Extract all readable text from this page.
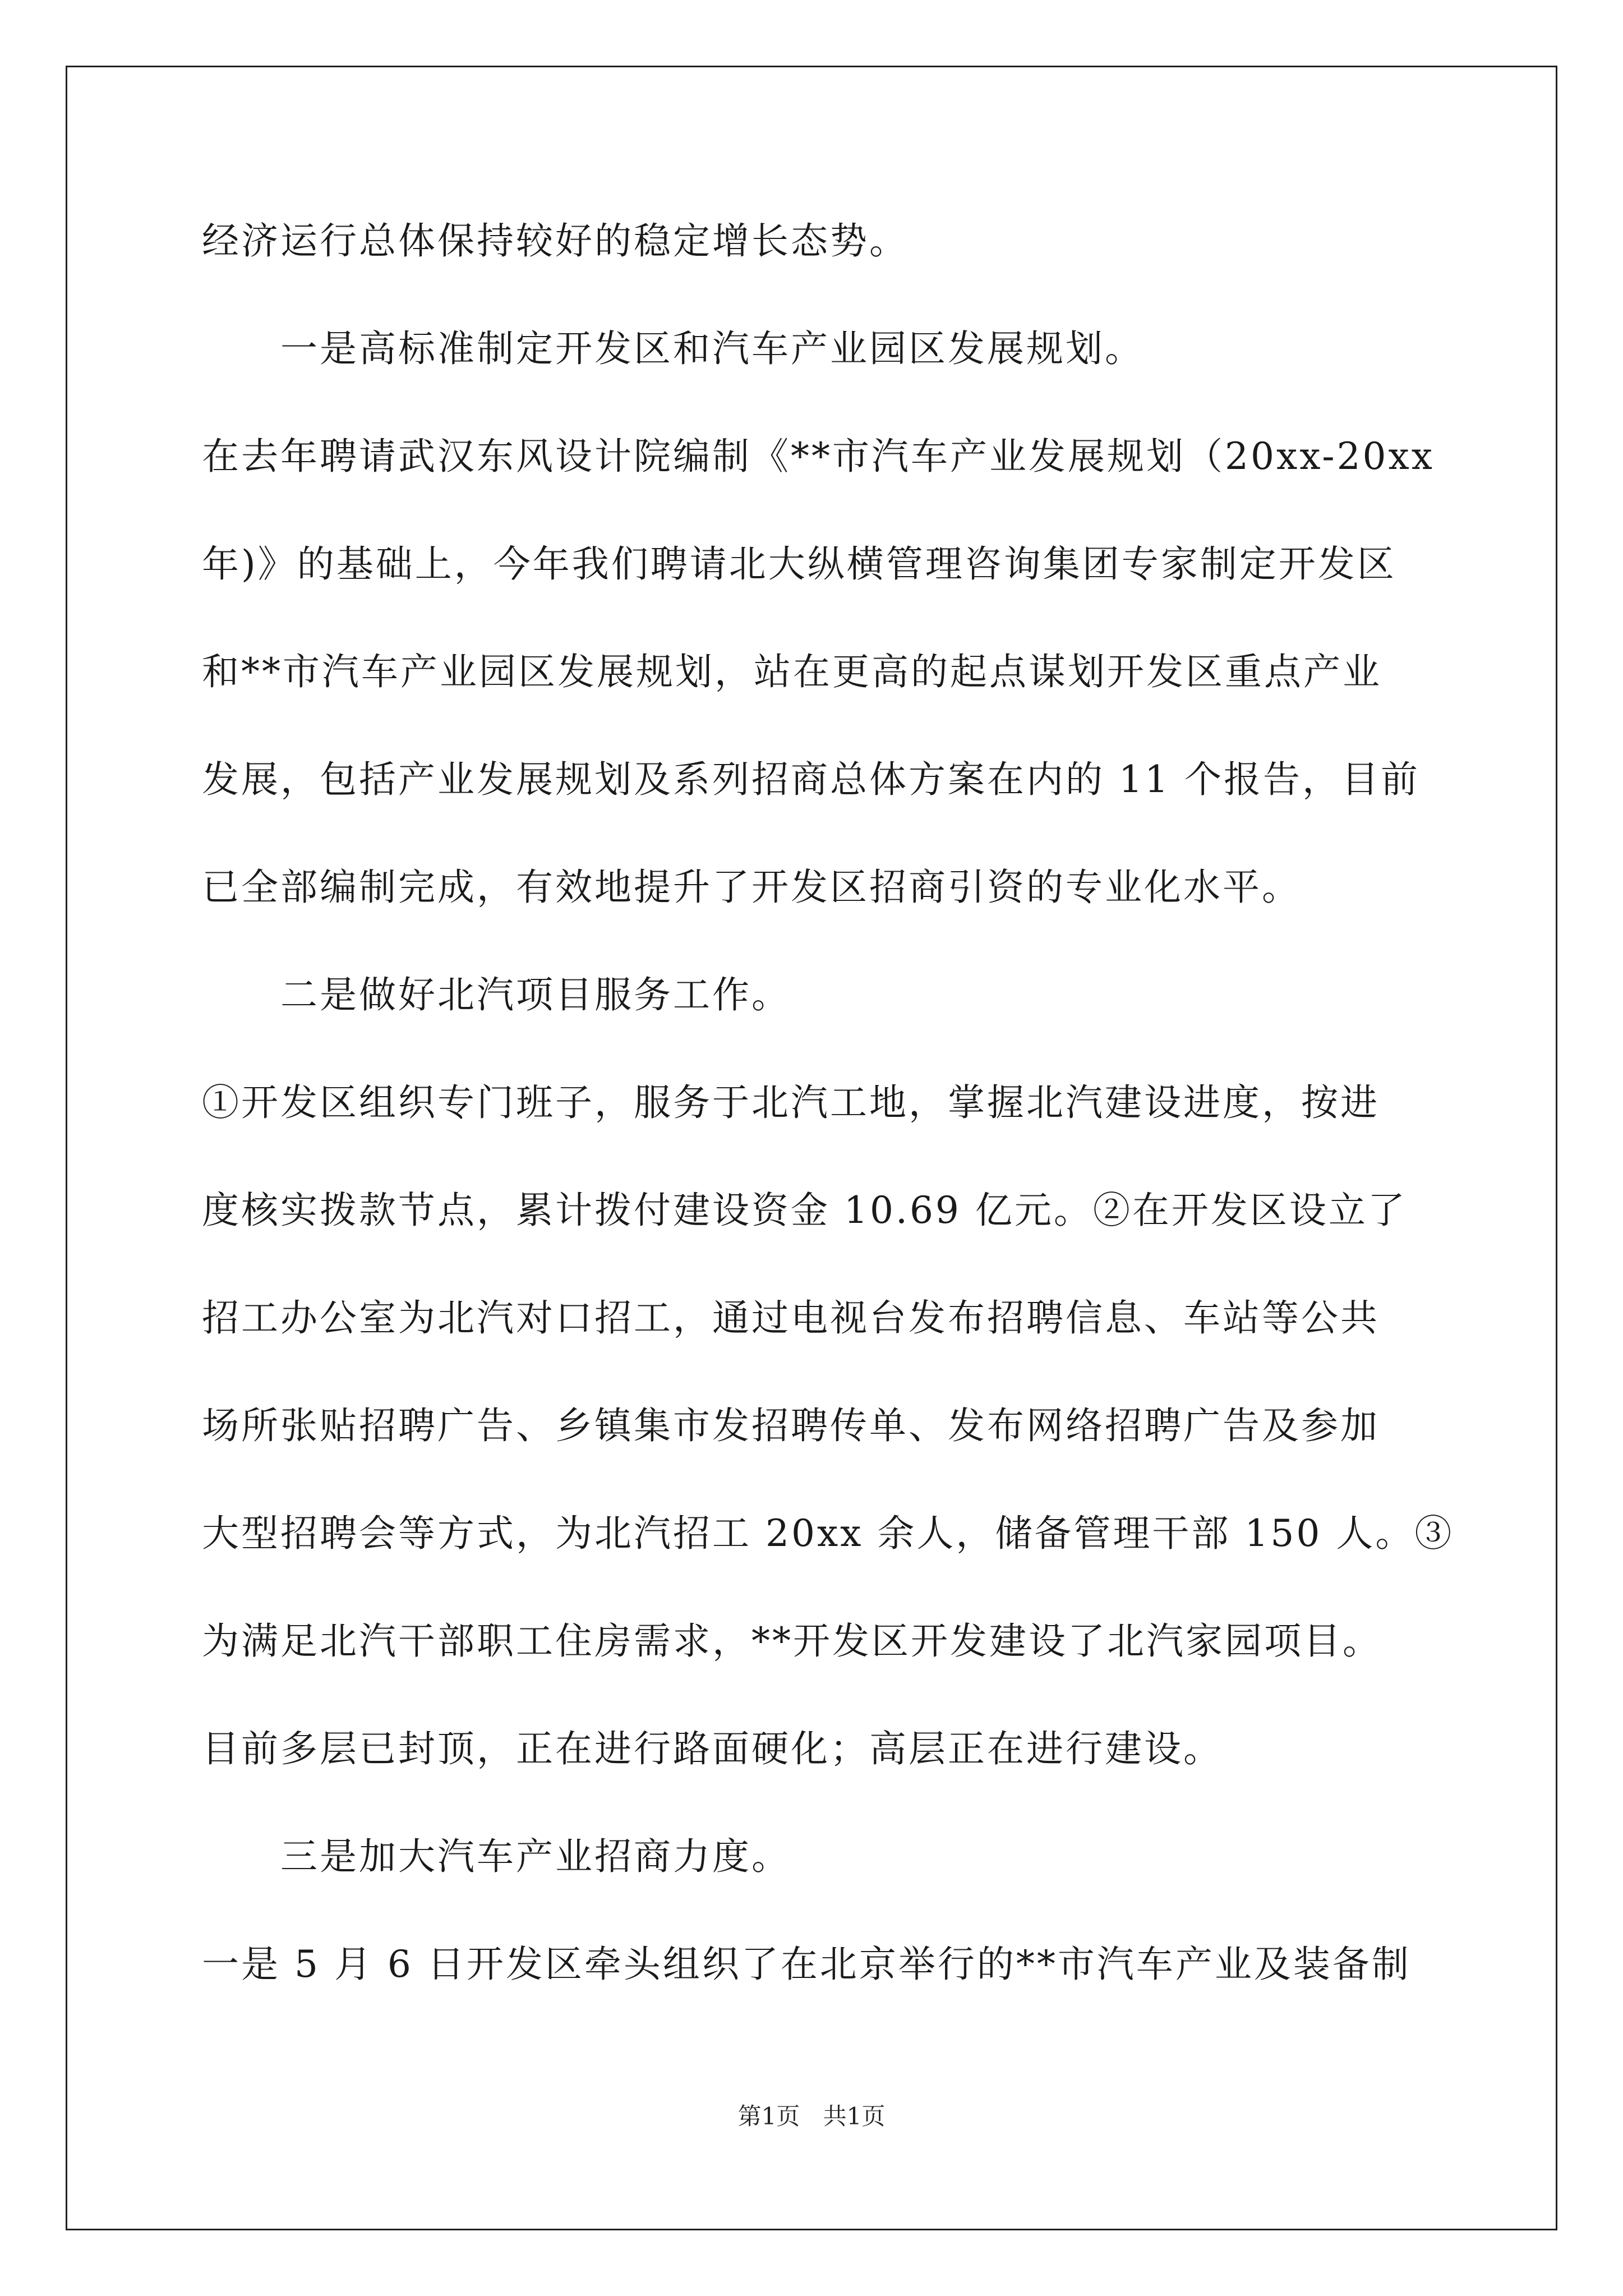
经济运行总体保持较好的稳定增长态势。
一是高标准制定开发区和汽车产业园区发展规划。
在去年聘请武汉东风设计院编制《**市汽车产业发展规划（20xx-20xx
年)》的基础上，今年我们聘请北大纵横管理咨询集团专家制定开发区
和**市汽车产业园区发展规划，站在更高的起点谋划开发区重点产业
发展，包括产业发展规划及系列招商总体方案在内的 11 个报告，目前
已全部编制完成，有效地提升了开发区招商引资的专业化水平。
二是做好北汽项目服务工作。
①开发区组织专门班子，服务于北汽工地，掌握北汽建设进度，按进
度核实拨款节点，累计拨付建设资金 10.69 亿元。②在开发区设立了
招工办公室为北汽对口招工，通过电视台发布招聘信息、车站等公共
场所张贴招聘广告、乡镇集市发招聘传单、发布网络招聘广告及参加
大型招聘会等方式，为北汽招工 20xx 余人，储备管理干部 150 人。③
为满足北汽干部职工住房需求，**开发区开发建设了北汽家园项目。
目前多层已封顶，正在进行路面硬化；高层正在进行建设。
三是加大汽车产业招商力度。
一是 5 月 6 日开发区牵头组织了在北京举行的**市汽车产业及装备制
第1页 共1页
